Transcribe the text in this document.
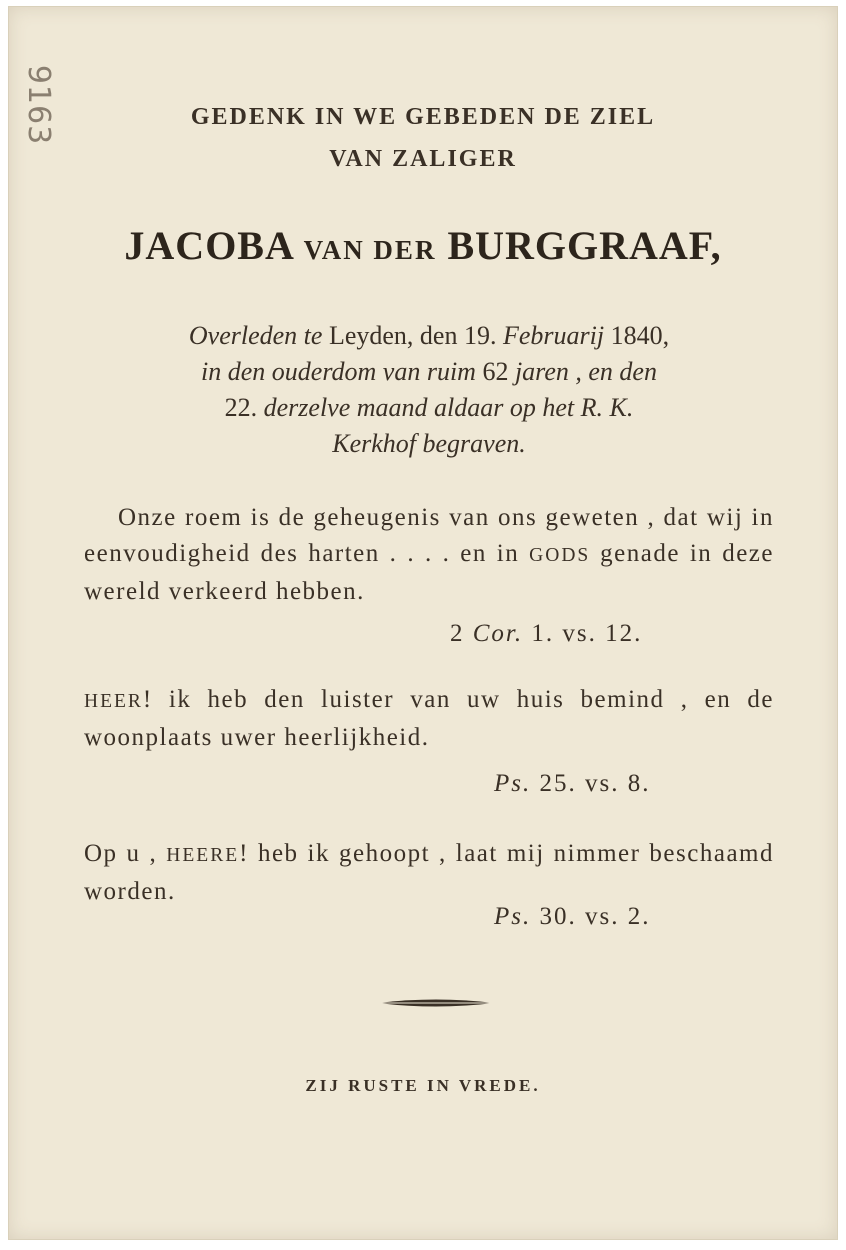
9163	GEDENK IN WE GEBEDEN DE ZIEL
VAN ZALIGER
JACOBA VAN DER BURGGRAAF,
Overleden te Leyden, den 19. Februarij 1840,
in den ouderdom van ruim 62 jaren , en den
22. derzelve maand aldaar op het R. K.
Kerkhof begraven.
Onze roem is de geheugenis van ons geweten , dat wij in eenvoudigheid des harten . . . . en in GODS genade in deze wereld verkeerd hebben.
2 Cor. 1. vs. 12.
HEER! ik heb den luister van uw huis bemind , en de woonplaats uwer heerlijkheid.
Ps. 25. vs. 8.
Op u , HEERE! heb ik gehoopt , laat mij nimmer beschaamd worden.
Ps. 30. vs. 2.
ZIJ RUSTE IN VREDE.
